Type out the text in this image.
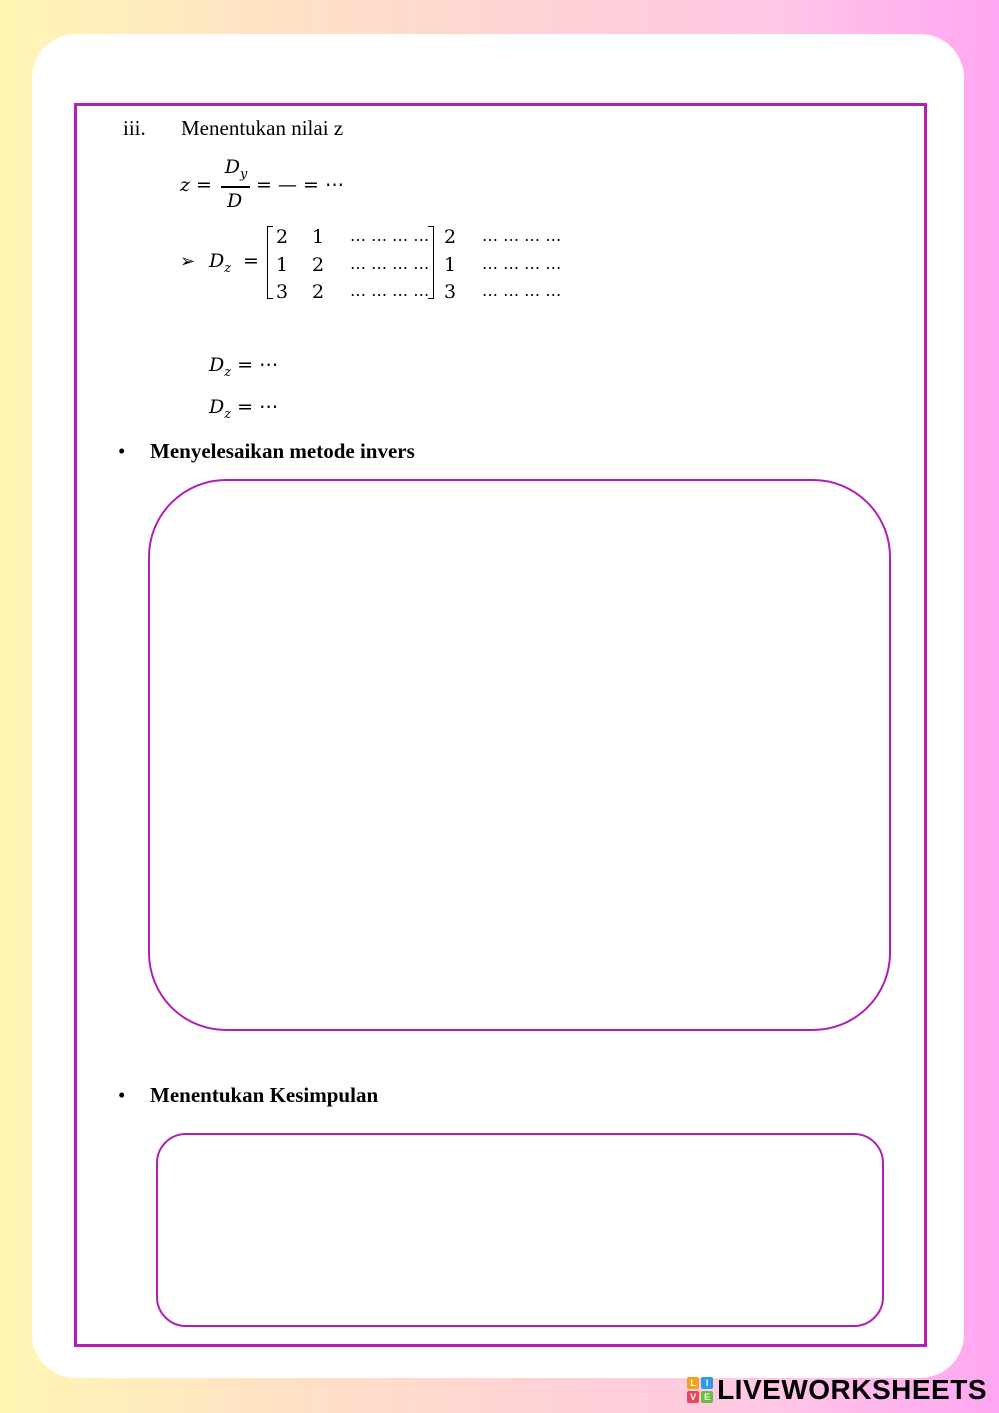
iii. Menentukan nilai z
z =
$D_y$
D
= — = ⋯
➢ $D_z$ =
2 1 … … … … 2 … … … …
1 2 … … … … 1 … … … …
3 2 … … … … 3 … … … …
$D_z$ = ⋯
$D_z$ = ⋯
• Menyelesaikan metode invers
• Menentukan Kesimpulan
L	I
V E LIVEWORKSHEETS
